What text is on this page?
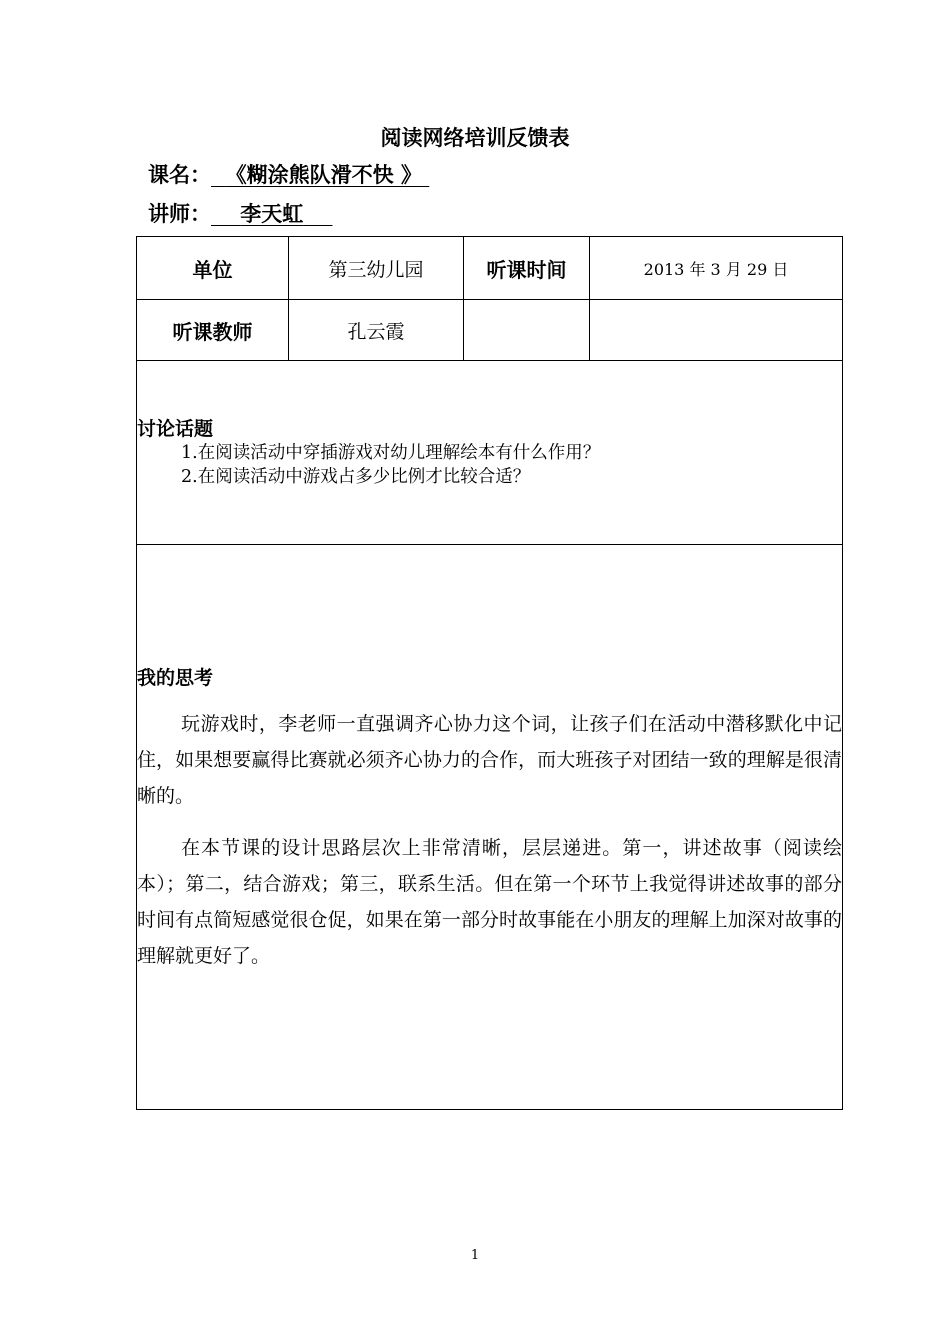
阅读网络培训反馈表
课名： 《糊涂熊队滑不快 》
讲师： 李天虹
单位	第三幼儿园	听课时间	2013 年 3 月 29 日
听课教师	孔云霞		

讨论话题
1.在阅读活动中穿插游戏对幼儿理解绘本有什么作用？
2.在阅读活动中游戏占多少比例才比较合适？			

我的思考

玩游戏时，李老师一直强调齐心协力这个词，让孩子们在活动中潜移默化中记住，如果想要赢得比赛就必须齐心协力的合作，而大班孩子对团结一致的理解是很清晰的。

在本节课的设计思路层次上非常清晰，层层递进。第一，讲述故事（阅读绘本）；第二，结合游戏；第三，联系生活。但在第一个环节上我觉得讲述故事的部分时间有点简短感觉很仓促，如果在第一部分时故事能在小朋友的理解上加深对故事的理解就更好了。			

1
